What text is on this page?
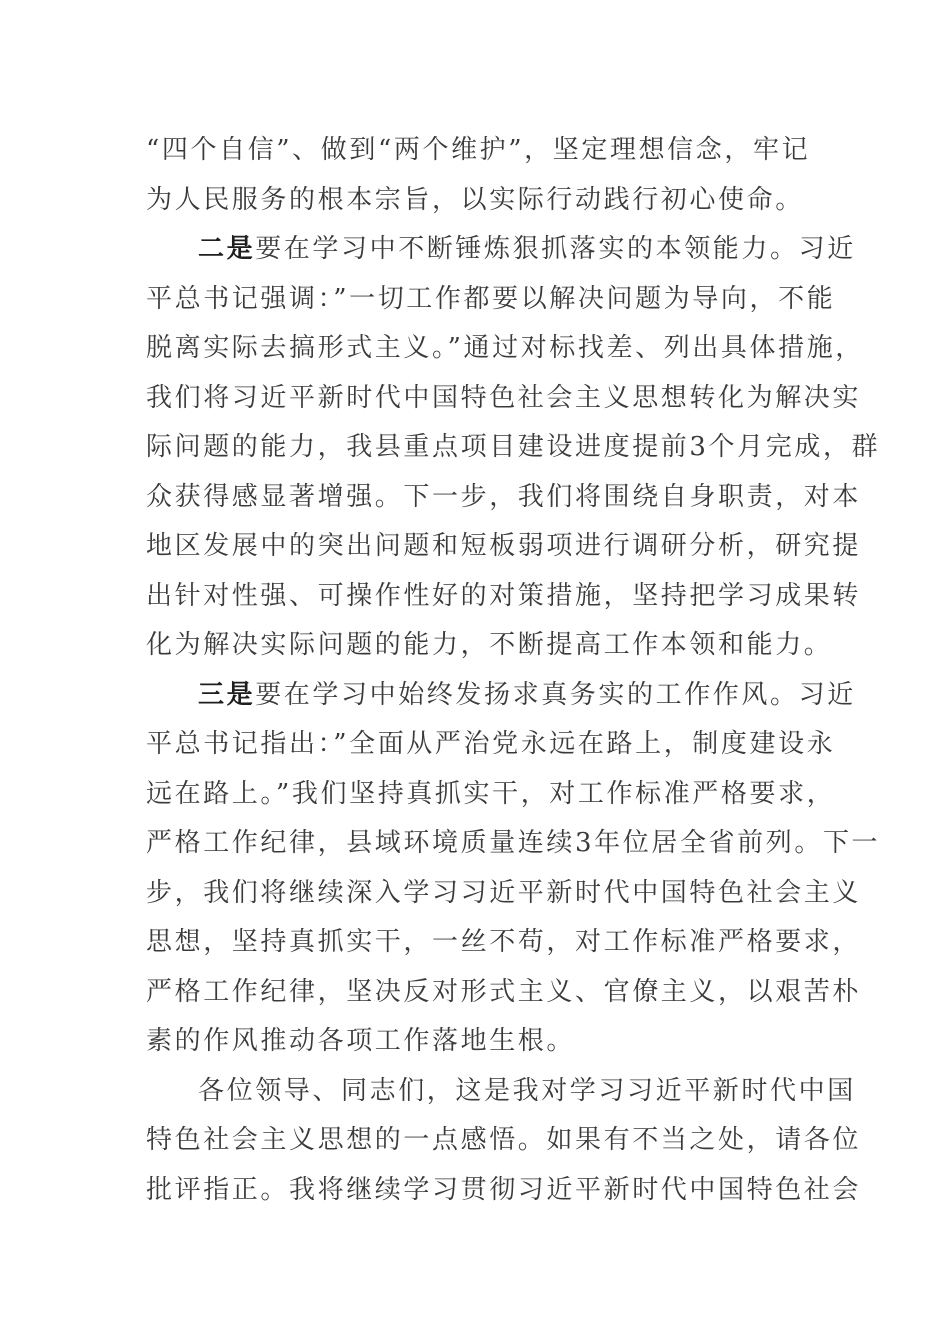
“四个自信”、做到“两个维护”，坚定理想信念，牢记
为人民服务的根本宗旨，以实际行动践行初心使命。
二是要在学习中不断锤炼狠抓落实的本领能力。习近
平总书记强调：”一切工作都要以解决问题为导向，不能
脱离实际去搞形式主义。”通过对标找差、列出具体措施，
我们将习近平新时代中国特色社会主义思想转化为解决实
际问题的能力，我县重点项目建设进度提前3个月完成，群
众获得感显著增强。下一步，我们将围绕自身职责，对本
地区发展中的突出问题和短板弱项进行调研分析，研究提
出针对性强、可操作性好的对策措施，坚持把学习成果转
化为解决实际问题的能力，不断提高工作本领和能力。
三是要在学习中始终发扬求真务实的工作作风。习近
平总书记指出：”全面从严治党永远在路上，制度建设永
远在路上。”我们坚持真抓实干，对工作标准严格要求，
严格工作纪律，县域环境质量连续3年位居全省前列。下一
步，我们将继续深入学习习近平新时代中国特色社会主义
思想，坚持真抓实干，一丝不苟，对工作标准严格要求，
严格工作纪律，坚决反对形式主义、官僚主义，以艰苦朴
素的作风推动各项工作落地生根。
各位领导、同志们，这是我对学习习近平新时代中国
特色社会主义思想的一点感悟。如果有不当之处，请各位
批评指正。我将继续学习贯彻习近平新时代中国特色社会
